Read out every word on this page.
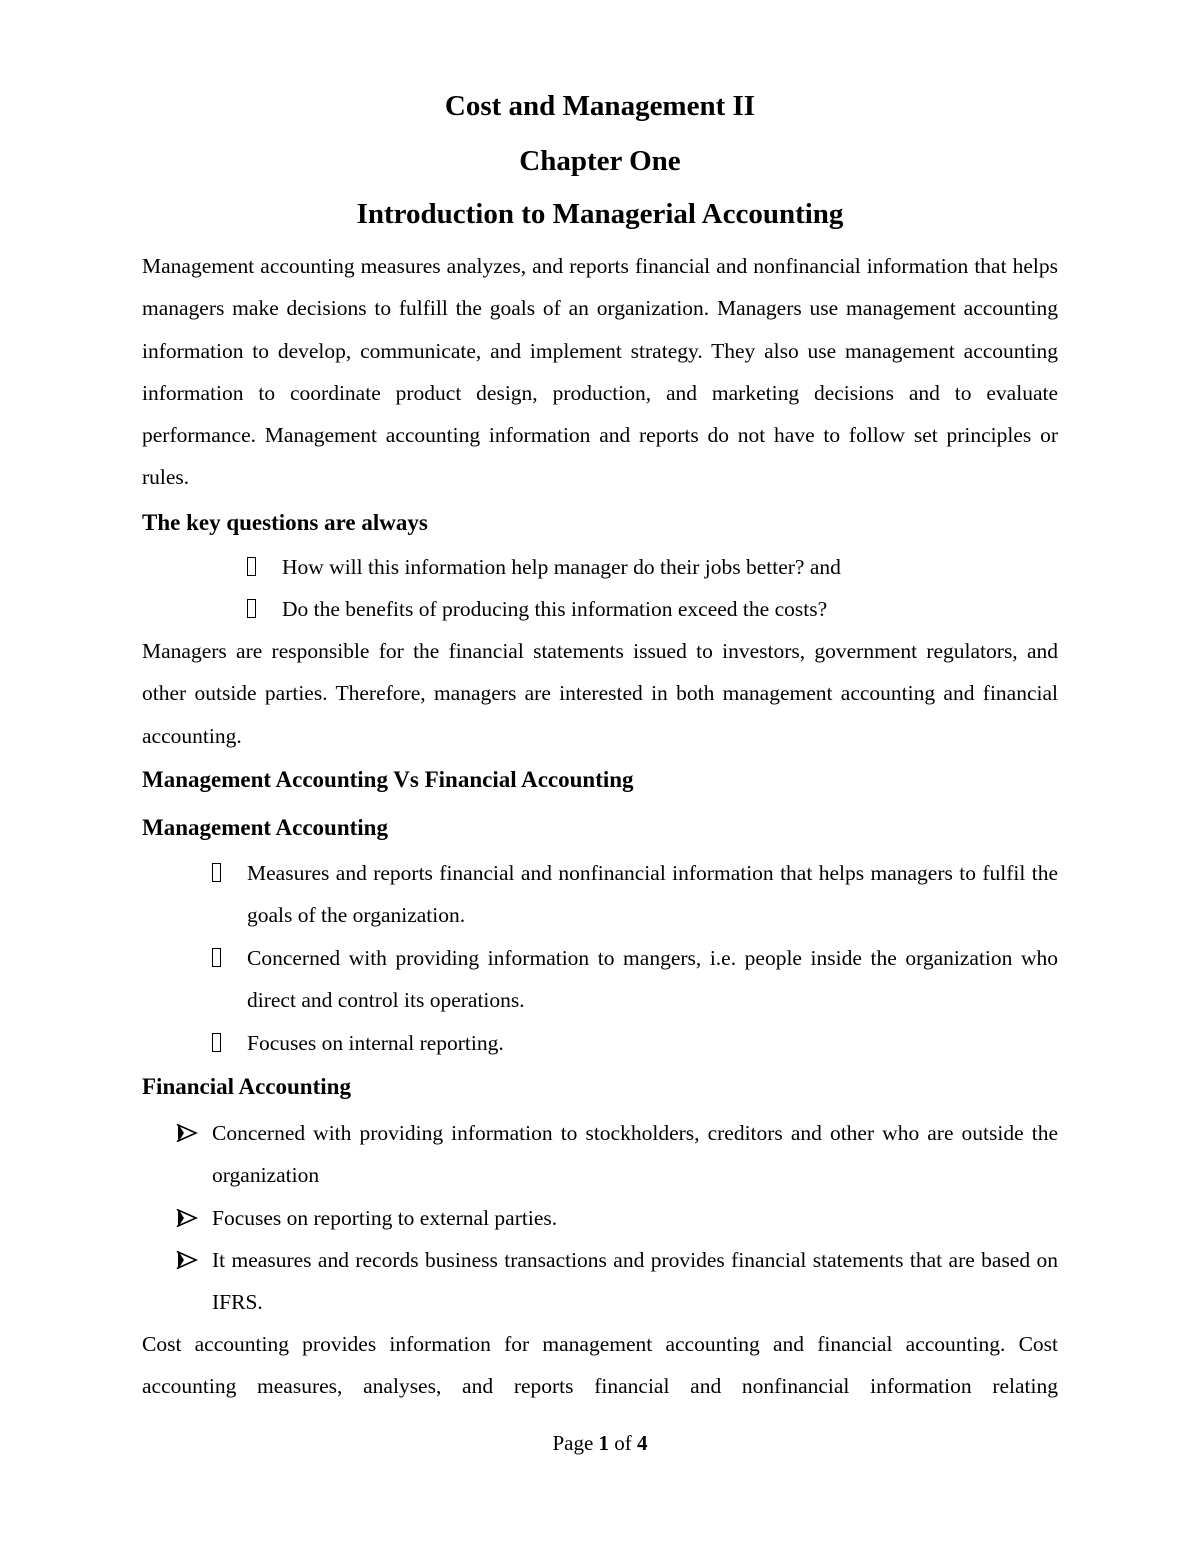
Cost and Management II
Chapter One
Introduction to Managerial Accounting

Management accounting measures analyzes, and reports financial and nonfinancial information that helps managers make decisions to fulfill the goals of an organization. Managers use management accounting information to develop, communicate, and implement strategy. They also use management accounting information to coordinate product design, production, and marketing decisions and to evaluate performance. Management accounting information and reports do not have to follow set principles or rules.

The key questions are always

How will this information help manager do their jobs better? and

Do the benefits of producing this information exceed the costs?

Managers are responsible for the financial statements issued to investors, government regulators, and other outside parties. Therefore, managers are interested in both management accounting and financial accounting.

Management Accounting Vs Financial Accounting
Management Accounting

Measures and reports financial and nonfinancial information that helps managers to fulfil the goals of the organization.

Concerned with providing information to mangers, i.e. people inside the organization who direct and control its operations.

Focuses on internal reporting.

Financial Accounting

Concerned with providing information to stockholders, creditors and other who are outside the organization

Focuses on reporting to external parties.

It measures and records business transactions and provides financial statements that are based on IFRS.

Cost accounting provides information for management accounting and financial accounting. Cost accounting measures, analyses, and reports financial and nonfinancial information relating

Page 1 of 4
